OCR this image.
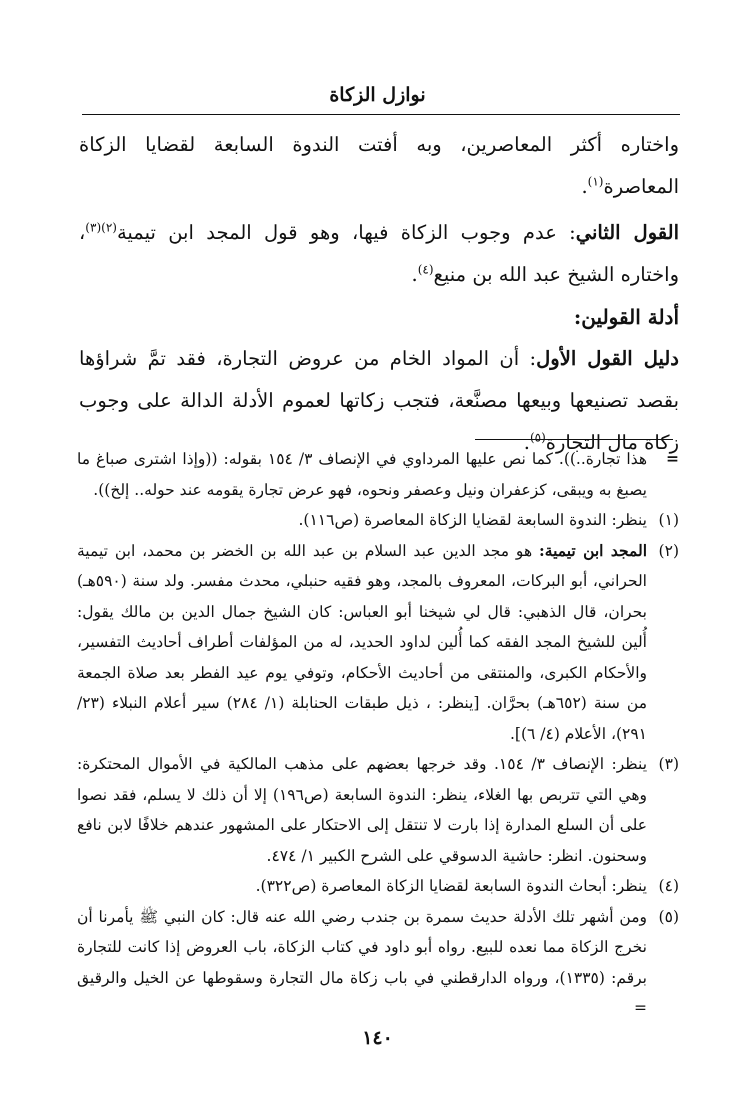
نوازل الزكاة

واختاره أكثر المعاصرين، وبه أفتت الندوة السابعة لقضايا الزكاة المعاصرة$^{(١)}$.

القول الثاني: عدم وجوب الزكاة فيها، وهو قول المجد ابن تيمية$^{(٢)(٣)}$، واختاره الشيخ عبد الله بن منيع$^{(٤)}$.

أدلة القولين:

دليل القول الأول: أن المواد الخام من عروض التجارة، فقد تمَّ شراؤها بقصد تصنيعها وبيعها مصنَّعة، فتجب زكاتها لعموم الأدلة الدالة على وجوب زكاة مال التجارة$^{(٥)}$.

=
هذا تجارة..)). كما نص عليها المرداوي في الإنصاف ٣/ ١٥٤ بقوله: ((وإذا اشترى صباغ ما يصبغ به ويبقى، كزعفران ونيل وعصفر ونحوه، فهو عرض تجارة يقومه عند حوله.. إلخ)).
(١)
ينظر: الندوة السابعة لقضايا الزكاة المعاصرة (ص١١٦).
(٢)
المجد ابن تيمية: هو مجد الدين عبد السلام بن عبد الله بن الخضر بن محمد، ابن تيمية الحراني، أبو البركات، المعروف بالمجد، وهو فقيه حنبلي، محدث مفسر. ولد سنة (٥٩٠هـ) بحران، قال الذهبي: قال لي شيخنا أبو العباس: كان الشيخ جمال الدين بن مالك يقول: أُلين للشيخ المجد الفقه كما أُلين لداود الحديد، له من المؤلفات أطراف أحاديث التفسير، والأحكام الكبرى، والمنتقى من أحاديث الأحكام، وتوفي يوم عيد الفطر بعد صلاة الجمعة من سنة (٦٥٢هـ) بحرَّان. [ينظر: ، ذيل طبقات الحنابلة (١/ ٢٨٤) سير أعلام النبلاء (٢٣/ ٢٩١)، الأعلام (٤/ ٦)].
(٣)
ينظر: الإنصاف ٣/ ١٥٤. وقد خرجها بعضهم على مذهب المالكية في الأموال المحتكرة: وهي التي تتربص بها الغلاء، ينظر: الندوة السابعة (ص١٩٦) إلا أن ذلك لا يسلم، فقد نصوا على أن السلع المدارة إذا بارت لا تنتقل إلى الاحتكار على المشهور عندهم خلافًا لابن نافع وسحنون. انظر: حاشية الدسوقي على الشرح الكبير ١/ ٤٧٤.
(٤)
ينظر: أبحاث الندوة السابعة لقضايا الزكاة المعاصرة (ص٣٢٢).
(٥)
ومن أشهر تلك الأدلة حديث سمرة بن جندب رضي الله عنه قال: كان النبي ﷺ يأمرنا أن نخرج الزكاة مما نعده للبيع. رواه أبو داود في كتاب الزكاة، باب العروض إذا كانت للتجارة برقم: (١٣٣٥)، ورواه الدارقطني في باب زكاة مال التجارة وسقوطها عن الخيل والرقيق =
١٤٠
